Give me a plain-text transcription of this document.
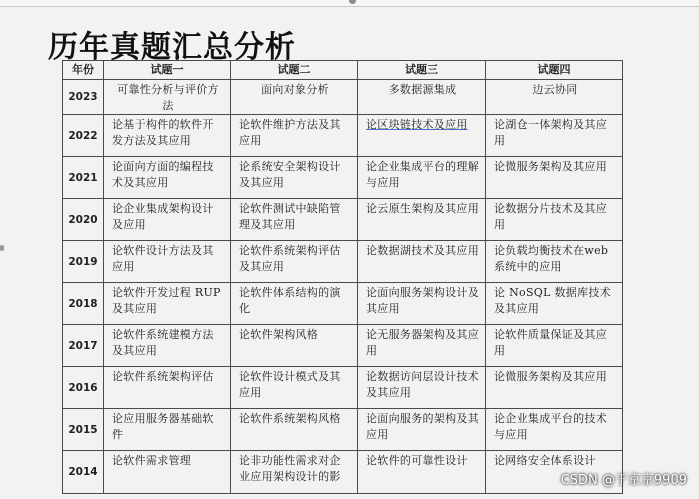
历年真题汇总分析
年份	试题一	试题二	试题三	试题四
2023	可靠性分析与评价方法	面向对象分析	多数据源集成	边云协同
2022	论基于构件的软件开发方法及其应用	论软件维护方法及其应用	论区块链技术及应用	论湖仓一体架构及其应用
2021	论面向方面的编程技术及其应用	论系统安全架构设计及其应用	论企业集成平台的理解与应用	论微服务架构及其应用
2020	论企业集成架构设计及应用	论软件测试中缺陷管理及其应用	论云原生架构及其应用	论数据分片技术及其应用
2019	论软件设计方法及其应用	论软件系统架构评估及其应用	论数据湖技术及其应用	论负载均衡技术在web系统中的应用
2018	论软件开发过程 RUP及其应用	论软件体系结构的演化	论面向服务架构设计及其应用	论 NoSQL 数据库技术及其应用
2017	论软件系统建模方法及其应用	论软件架构风格	论无服务器架构及其应用	论软件质量保证及其应用
2016	论软件系统架构评估	论软件设计模式及其应用	论数据访问层设计技术及其应用	论微服务架构及其应用
2015	论应用服务器基础软件	论软件系统架构风格	论面向服务的架构及其应用	论企业集成平台的技术与应用
2014	论软件需求管理	论非功能性需求对企业应用架构设计的影	论软件的可靠性设计	论网络安全体系设计
CSDN @于京京9909
